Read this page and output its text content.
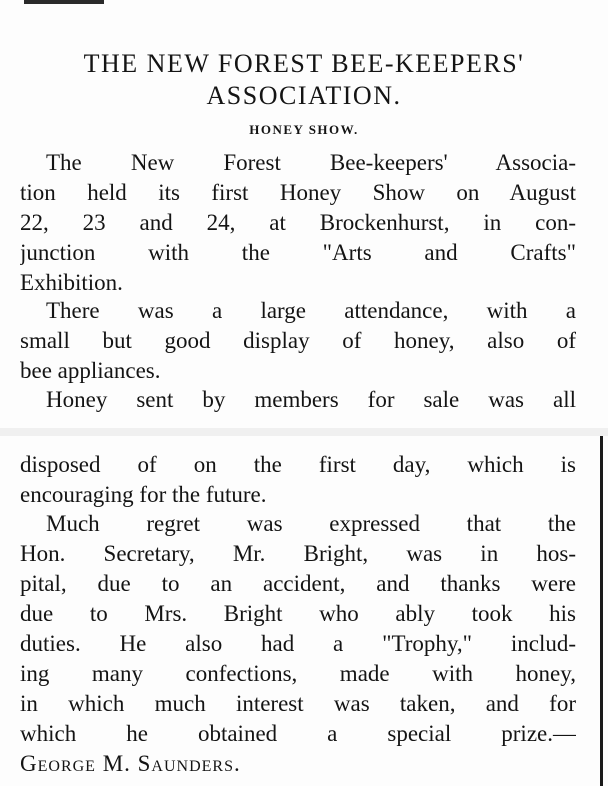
THE NEW FOREST BEE-KEEPERS'
ASSOCIATION.
HONEY SHOW.
The New Forest Bee-keepers' Associa-
tion held its first Honey Show on August
22, 23 and 24, at Brockenhurst, in con-
junction with the "Arts and Crafts"
Exhibition.
There was a large attendance, with a
small but good display of honey, also of
bee appliances.
Honey sent by members for sale was all
disposed of on the first day, which is
encouraging for the future.
Much regret was expressed that the
Hon. Secretary, Mr. Bright, was in hos-
pital, due to an accident, and thanks were
due to Mrs. Bright who ably took his
duties. He also had a "Trophy," includ-
ing many confections, made with honey,
in which much interest was taken, and for
which he obtained a special prize.—
George M. Saunders.
